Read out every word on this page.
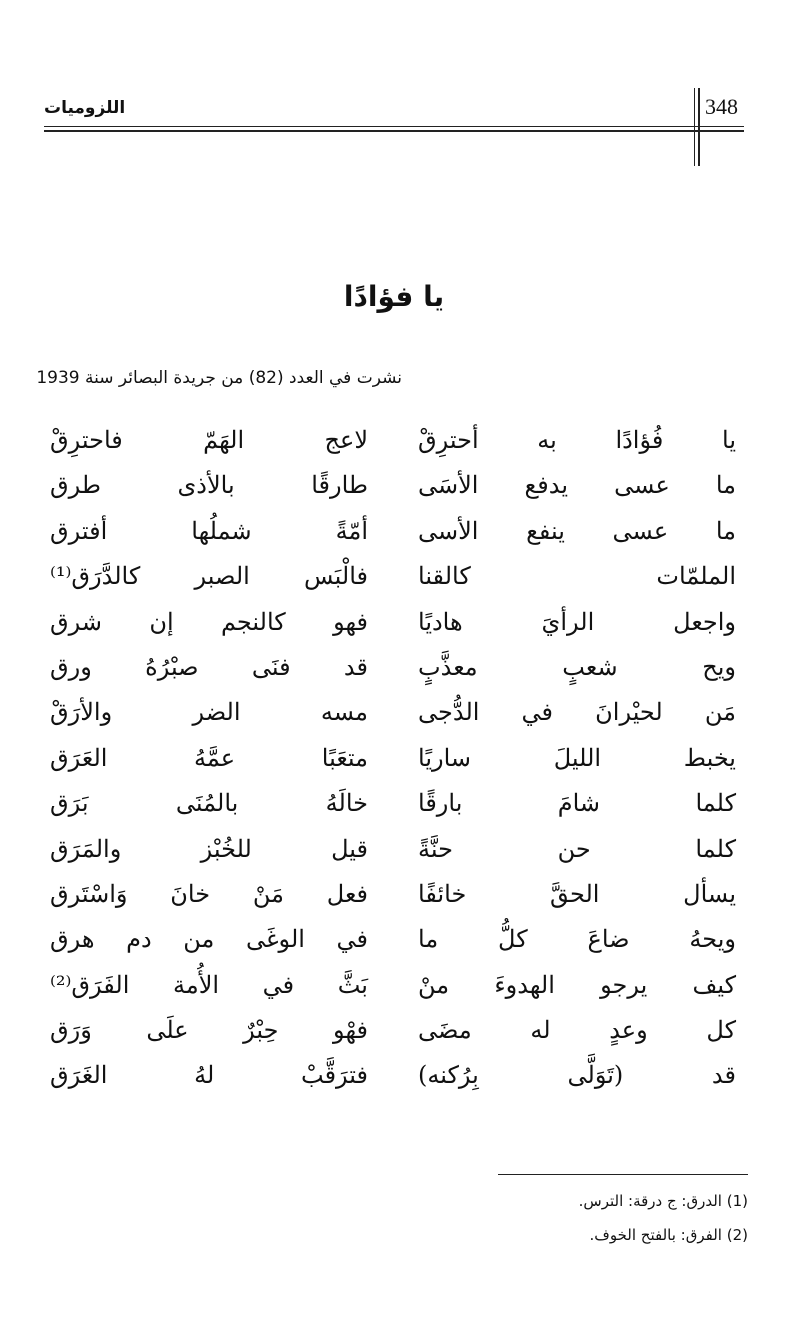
348
اللزوميات
يا فؤادًا
نشرت في العدد (82) من جريدة البصائر سنة 1939
يا فُؤادًا به أحترِقْ
لاعج الهَمّ فاحترِقْ
ما عسى يدفع الأسَى
طارقًا بالأذى طرق
ما عسى ينفع الأسى
أمّةً شملُها أفترق
الملمّات كالقنا
فالْبَس الصبر كالدَّرَق⁽¹⁾
واجعل الرأيَ هاديًا
فهو كالنجم إن شرق
ويح شعبٍ معذَّبٍ
قد فنَى صبْرُهُ ورق
مَن لحيْرانَ في الدُّجى
مسه الضر والأرَقْ
يخبط الليلَ ساريًا
متعَبًا عمَّهُ العَرَق
كلما شامَ بارقًا
خالَهُ بالمُنَى بَرَق
كلما حن حنَّةً
قيل للخُبْز والمَرَق
يسأل الحقَّ خائفًا
فعل مَنْ خانَ وَاسْتَرق
ويحهُ ضاعَ كلُّ ما
في الوغَى من دم هرق
كيف يرجو الهدوءَ منْ
بَثَّ في الأُمة الفَرَق⁽²⁾
كل وعدٍ له مضَى
فهْو حِبْرٌ علَى وَرَق
قد (تَوَلَّى بِرُكنه)
فترَقَّبْ لهُ الغَرَق
(1) الدرق: ج درقة: الترس.
(2) الفرق: بالفتح الخوف.
